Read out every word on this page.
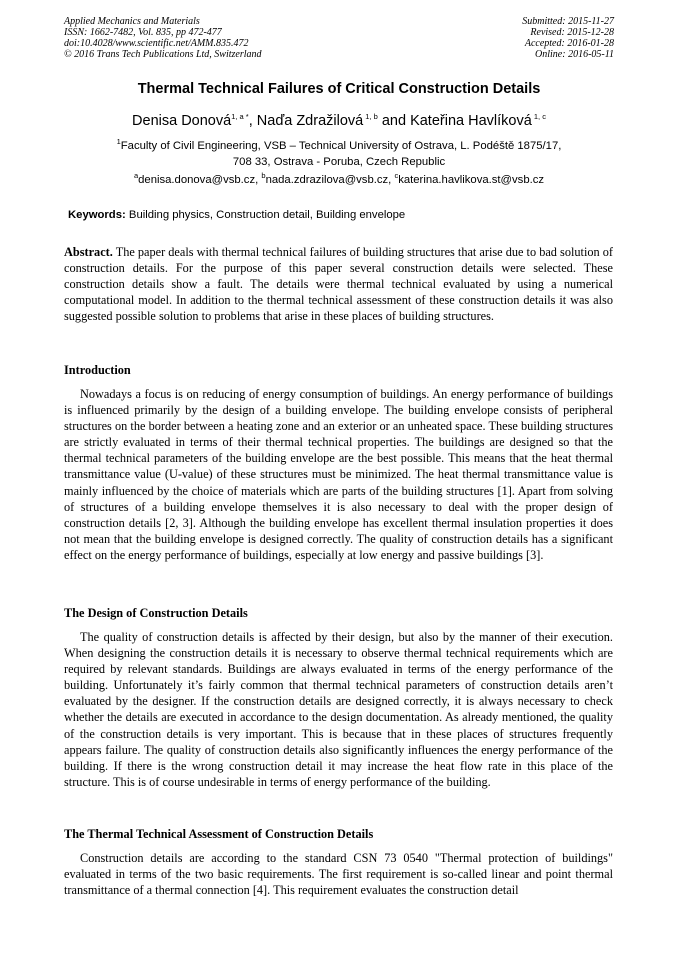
Applied Mechanics and Materials
ISSN: 1662-7482, Vol. 835, pp 472-477
doi:10.4028/www.scientific.net/AMM.835.472
© 2016 Trans Tech Publications Ltd, Switzerland
Submitted: 2015-11-27
Revised: 2015-12-28
Accepted: 2016-01-28
Online: 2016-05-11
Thermal Technical Failures of Critical Construction Details
Denisa Donová$^{1, a *}$, Naďa Zdražilová $^{1, b}$ and Kateřina Havlíková $^{1, c}$
$^1$Faculty of Civil Engineering, VSB – Technical University of Ostrava, L. Podéště 1875/17,
708 33, Ostrava - Poruba, Czech Republic
$^a$denisa.donova@vsb.cz, $^b$nada.zdrazilova@vsb.cz, $^c$katerina.havlikova.st@vsb.cz
Keywords: Building physics, Construction detail, Building envelope

Abstract. The paper deals with thermal technical failures of building structures that arise due to bad solution of construction details. For the purpose of this paper several construction details were selected. These construction details show a fault. The details were thermal technical evaluated by using a numerical computational model. In addition to the thermal technical assessment of these construction details it was also suggested possible solution to problems that arise in these places of building structures.

Introduction

Nowadays a focus is on reducing of energy consumption of buildings. An energy performance of buildings is influenced primarily by the design of a building envelope. The building envelope consists of peripheral structures on the border between a heating zone and an exterior or an unheated space. These building structures are strictly evaluated in terms of their thermal technical properties. The buildings are designed so that the thermal technical parameters of the building envelope are the best possible. This means that the heat thermal transmittance value (U-value) of these structures must be minimized. The heat thermal transmittance value is mainly influenced by the choice of materials which are parts of the building structures [1]. Apart from solving of structures of a building envelope themselves it is also necessary to deal with the proper design of construction details [2, 3]. Although the building envelope has excellent thermal insulation properties it does not mean that the building envelope is designed correctly. The quality of construction details has a significant effect on the energy performance of buildings, especially at low energy and passive buildings [3].

The Design of Construction Details

The quality of construction details is affected by their design, but also by the manner of their execution. When designing the construction details it is necessary to observe thermal technical requirements which are required by relevant standards. Buildings are always evaluated in terms of the energy performance of the building. Unfortunately it’s fairly common that thermal technical parameters of construction details aren’t evaluated by the designer. If the construction details are designed correctly, it is always necessary to check whether the details are executed in accordance to the design documentation. As already mentioned, the quality of the construction details is very important. This is because that in these places of structures frequently appears failure. The quality of construction details also significantly influences the energy performance of the building. If there is the wrong construction detail it may increase the heat flow rate in this place of the structure. This is of course undesirable in terms of energy performance of the building.

The Thermal Technical Assessment of Construction Details

Construction details are according to the standard CSN 73 0540 "Thermal protection of buildings" evaluated in terms of the two basic requirements. The first requirement is so-called linear and point thermal transmittance of a thermal connection [4]. This requirement evaluates the construction detail
